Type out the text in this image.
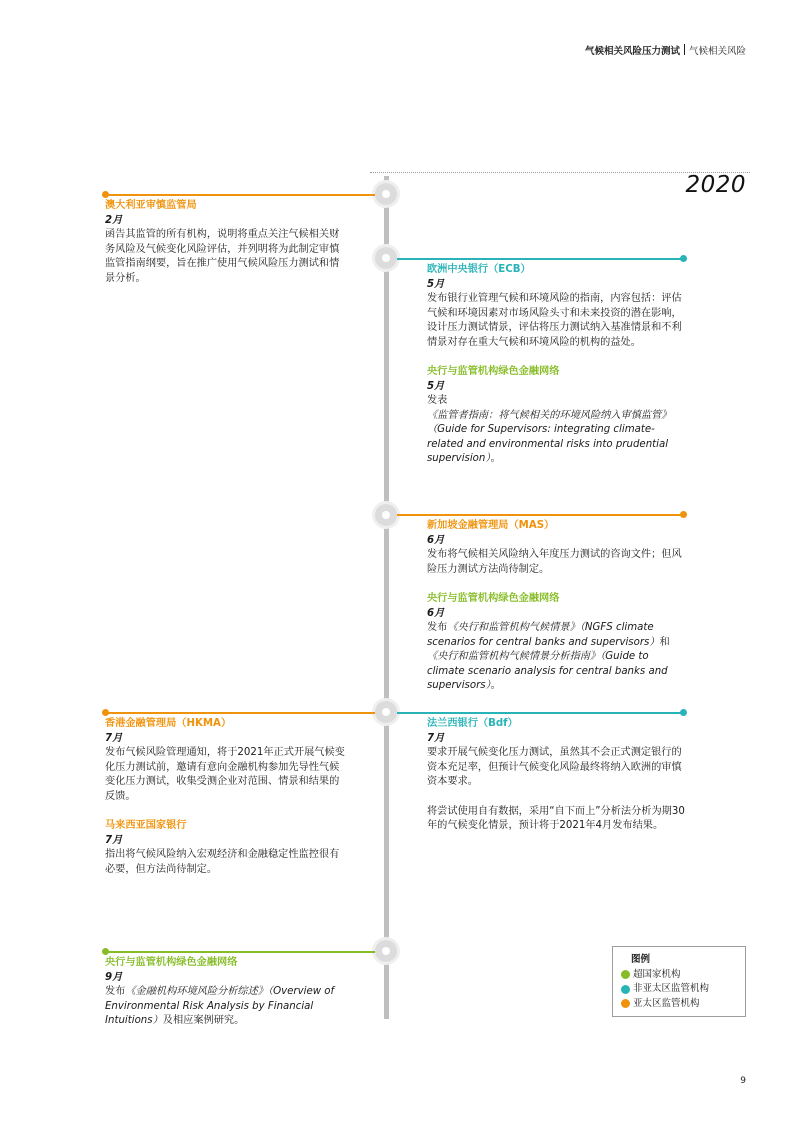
气候相关风险压力测试 气候相关风险
2020
澳大利亚审慎监管局
2月

函告其监管的所有机构，说明将重点关注气候相关财务风险及气候变化风险评估，并列明将为此制定审慎监管指南纲要，旨在推广使用气候风险压力测试和情景分析。

欧洲中央银行（ECB）
5月

发布银行业管理气候和环境风险的指南，内容包括：评估气候和环境因素对市场风险头寸和未来投资的潜在影响，设计压力测试情景，评估将压力测试纳入基准情景和不利情景对存在重大气候和环境风险的机构的益处。

央行与监管机构绿色金融网络
5月

发表《监管者指南：将气候相关的环境风险纳入审慎监管》（Guide for Supervisors: integrating climate-related and environmental risks into prudential supervision）。

新加坡金融管理局（MAS）
6月

发布将气候相关风险纳入年度压力测试的咨询文件；但风险压力测试方法尚待制定。

央行与监管机构绿色金融网络
6月

发布《央行和监管机构气候情景》（NGFS climate scenarios for central banks and supervisors）和《央行和监管机构气候情景分析指南》（Guide to climate scenario analysis for central banks and supervisors）。

香港金融管理局（HKMA）
7月

发布气候风险管理通知，将于2021年正式开展气候变化压力测试前，邀请有意向金融机构参加先导性气候变化压力测试，收集受测企业对范围、情景和结果的反馈。

马来西亚国家银行
7月

指出将气候风险纳入宏观经济和金融稳定性监控很有必要，但方法尚待制定。

法兰西银行（Bdf）
7月

要求开展气候变化压力测试，虽然其不会正式测定银行的资本充足率，但预计气候变化风险最终将纳入欧洲的审慎资本要求。

将尝试使用自有数据，采用“自下而上”分析法分析为期30年的气候变化情景，预计将于2021年4月发布结果。

央行与监管机构绿色金融网络
9月

发布《金融机构环境风险分析综述》（Overview of Environmental Risk Analysis by Financial Intuitions）及相应案例研究。

图例
超国家机构
非亚太区监管机构
亚太区监管机构
9
